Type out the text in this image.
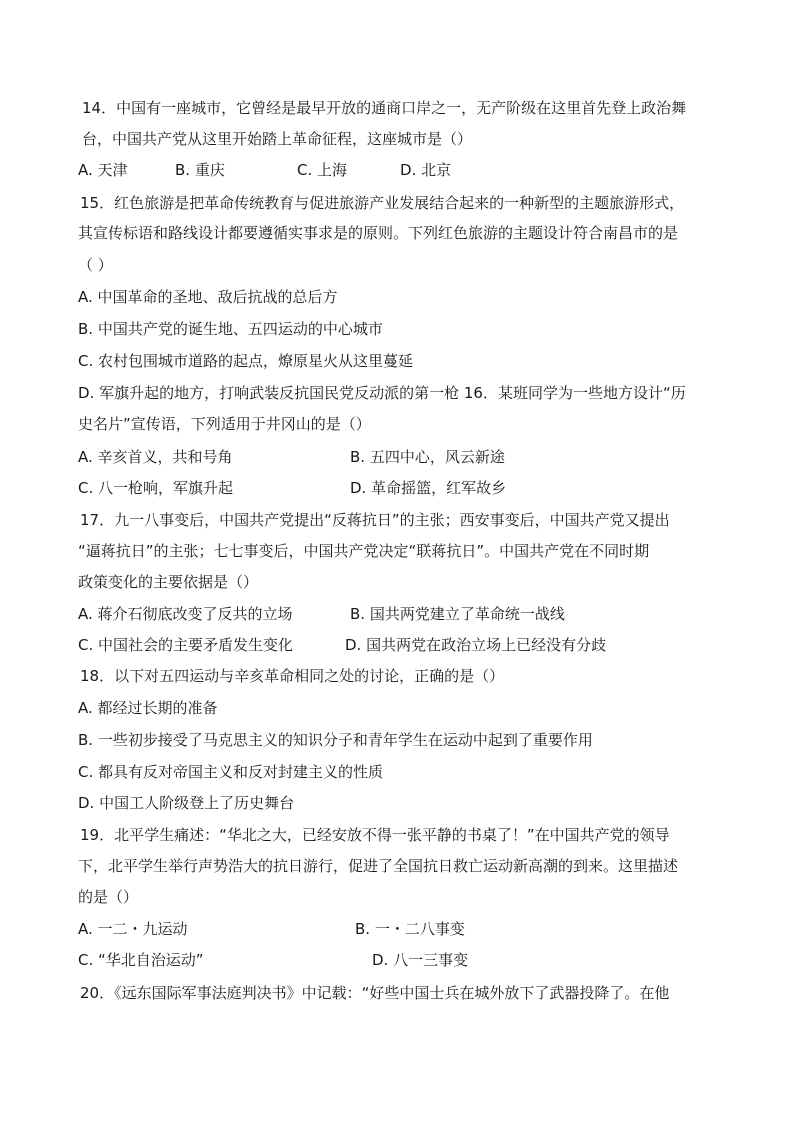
14．中国有一座城市，它曾经是最早开放的通商口岸之一，无产阶级在这里首先登上政治舞
台，中国共产党从这里开始踏上革命征程，这座城市是（）
A. 天津	B. 重庆	C. 上海	D. 北京
15．红色旅游是把革命传统教育与促进旅游产业发展结合起来的一种新型的主题旅游形式，
其宣传标语和路线设计都要遵循实事求是的原则。下列红色旅游的主题设计符合南昌市的是
（ ）
A. 中国革命的圣地、敌后抗战的总后方
B. 中国共产党的诞生地、五四运动的中心城市
C. 农村包围城市道路的起点，燎原星火从这里蔓延
D. 军旗升起的地方，打响武装反抗国民党反动派的第一枪 16．某班同学为一些地方设计“历
史名片”宣传语，下列适用于井冈山的是（）
A. 辛亥首义，共和号角	B. 五四中心，风云新途
C. 八一枪响，军旗升起	D. 革命摇篮，红军故乡
17．九一八事变后，中国共产党提出“反蒋抗日”的主张；西安事变后，中国共产党又提出
“逼蒋抗日”的主张；七七事变后，中国共产党决定“联蒋抗日”。中国共产党在不同时期
政策变化的主要依据是（）
A. 蒋介石彻底改变了反共的立场	B. 国共两党建立了革命统一战线
C. 中国社会的主要矛盾发生变化	D. 国共两党在政治立场上已经没有分歧
18．以下对五四运动与辛亥革命相同之处的讨论，正确的是（）
A. 都经过长期的准备
B. 一些初步接受了马克思主义的知识分子和青年学生在运动中起到了重要作用
C. 都具有反对帝国主义和反对封建主义的性质
D. 中国工人阶级登上了历史舞台
19．北平学生痛述：“华北之大，已经安放不得一张平静的书桌了！”在中国共产党的领导
下，北平学生举行声势浩大的抗日游行，促进了全国抗日救亡运动新高潮的到来。这里描述
的是（）
A. 一二・九运动	B. 一・二八事变
C. “华北自治运动”	D. 八一三事变
20．《远东国际军事法庭判决书》中记载：“好些中国士兵在城外放下了武器投降了。在他
